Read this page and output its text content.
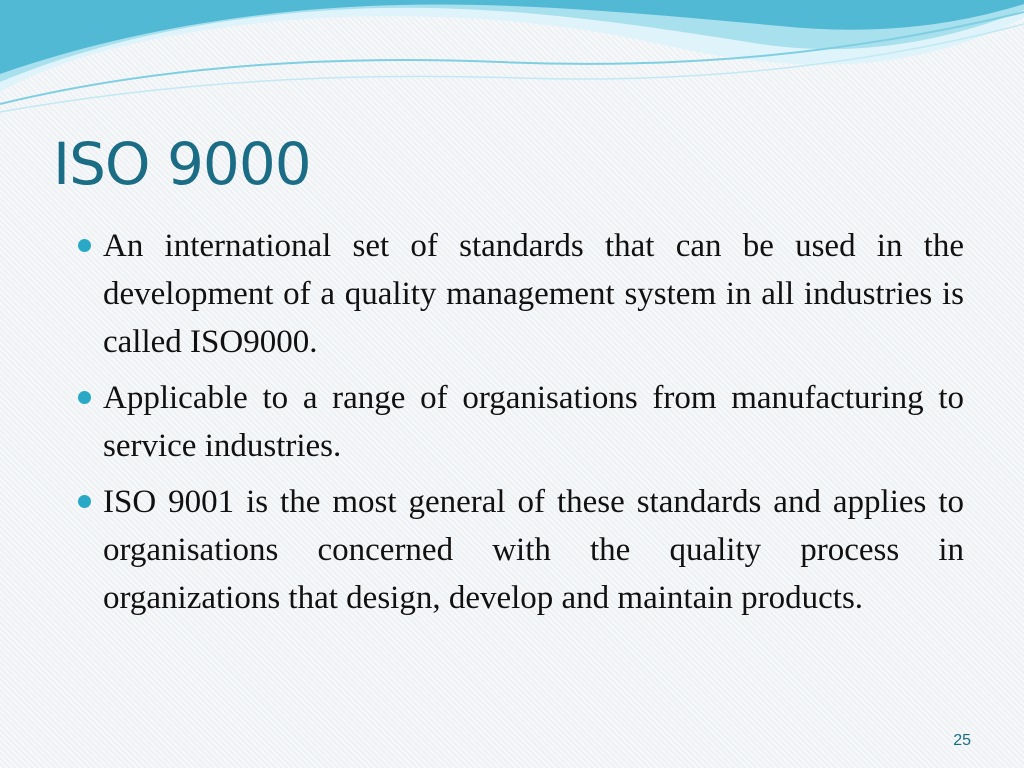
ISO 9000
An international set of standards that can be used in the development of a quality management system in all industries is called ISO9000.
Applicable to a range of organisations from manufacturing to service industries.
ISO 9001 is the most general of these standards and applies to organisations concerned with the quality process in organizations that design, develop and maintain products.
25
